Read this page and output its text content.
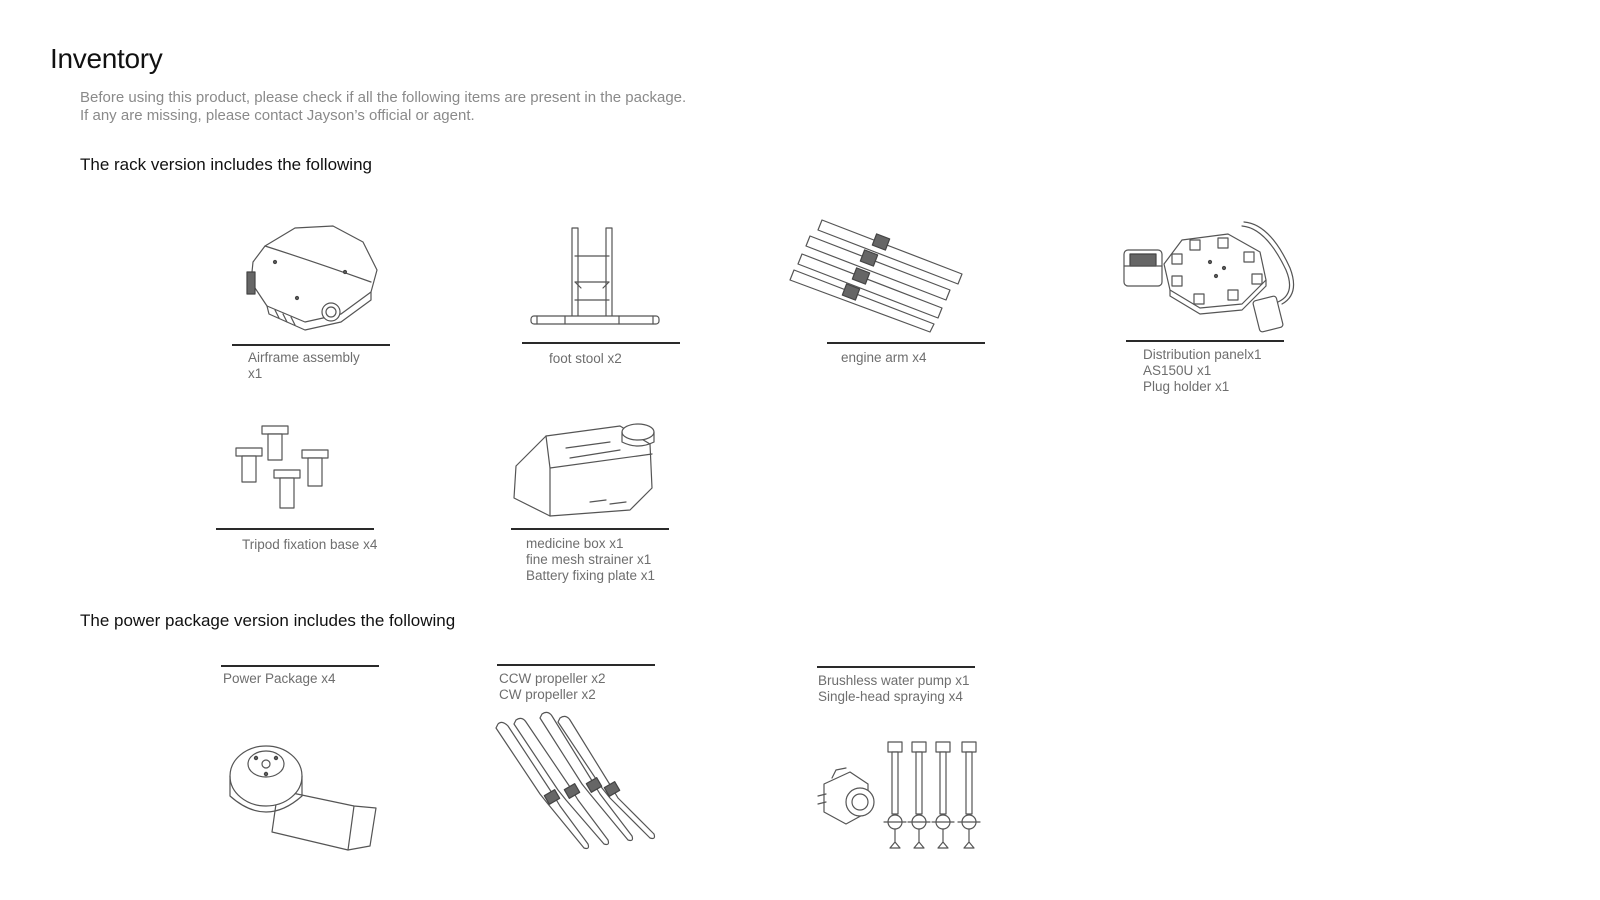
Inventory
Before using this product, please check if all the following items are present in the package.
If any are missing, please contact Jayson’s official or agent.
The rack version includes the following
Airframe assembly
x1
foot stool x2	engine arm x4	Distribution panelx1
AS150U x1
Plug holder x1
Tripod fixation base x4	medicine box x1
fine mesh strainer x1
Battery fixing plate x1
The power package version includes the following
Power Package x4	CCW propeller x2
CW propeller x2
Brushless water pump x1
Single-head spraying x4
